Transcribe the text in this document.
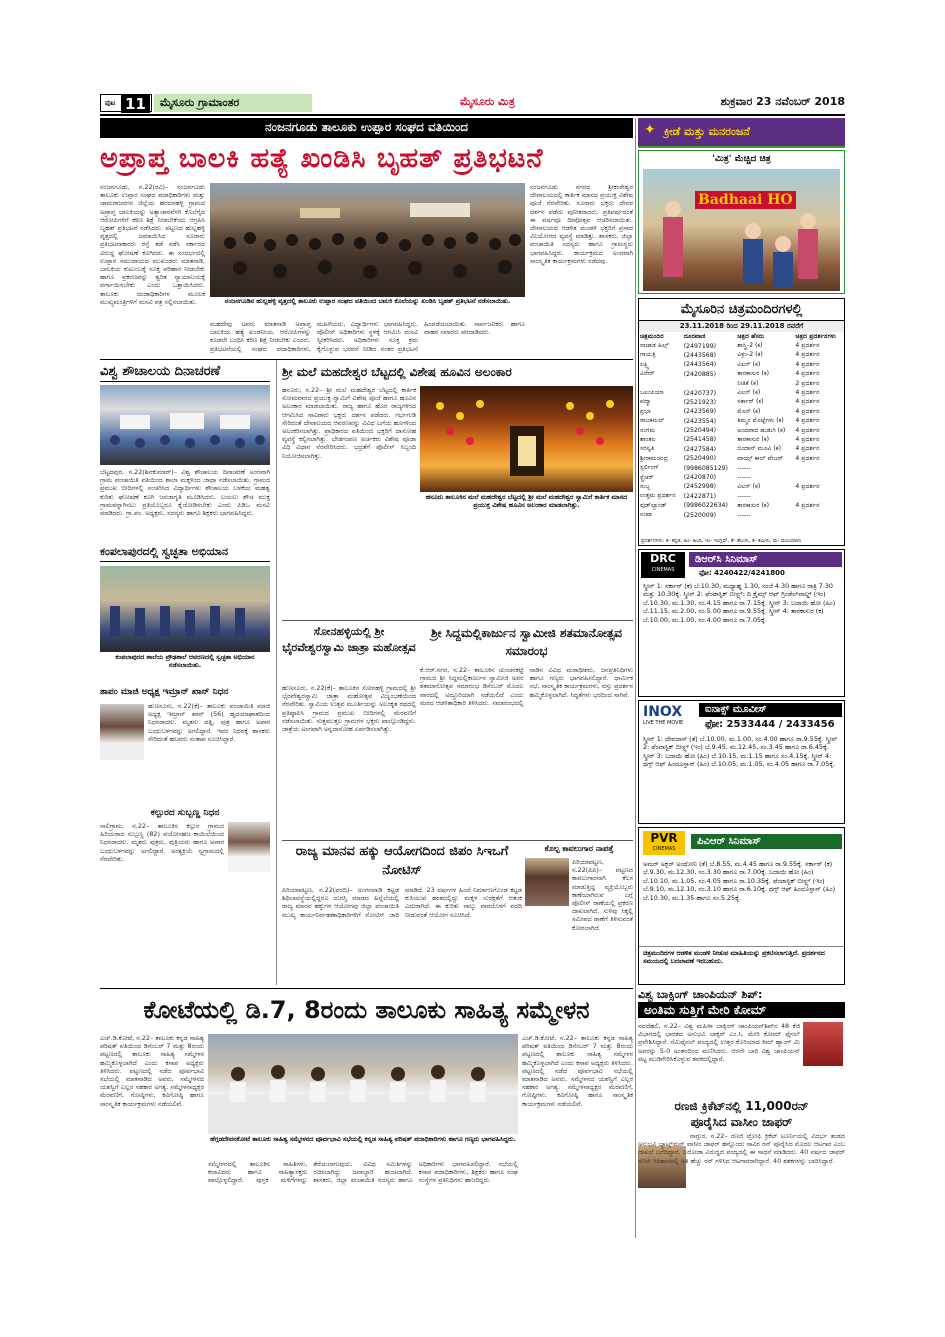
ಪುಟ 11	ಮೈಸೂರು ಗ್ರಾಮಾಂತರ	ಮೈಸೂರು ಮಿತ್ರ	ಶುಕ್ರವಾರ 23 ನವೆಂಬರ್ 2018
ನಂಜನಗೂಡು ತಾಲೂಕು ಉಪ್ಪಾರ ಸಂಘದ ವತಿಯಿಂದ
ಅಪ್ರಾಪ್ತ ಬಾಲಕಿ ಹತ್ಯೆ ಖಂಡಿಸಿ ಬೃಹತ್ ಪ್ರತಿಭಟನೆ

ನಂಜನಗೂಡು, ನ.22(ರವಿ)– ನಂಜನಗೂಡು ತಾಲೂಕು ಉಪ್ಪಾರ ಸಂಘದ ಪದಾಧಿಕಾರಿಗಳು ಮತ್ತು ಚಾಮರಾಜನಗರ ಜಿಲ್ಲೆಯ ಹರದನಹಳ್ಳಿ ಗ್ರಾಮದ ಅಪ್ರಾಪ್ತ ಬಾಲಕಿಯನ್ನು ಅತ್ಯಾಚಾರವೆಸಗಿ ಕೊಲೆಗೈದ ಆರೋಪಿಗಳಿಗೆ ಕಠಿಣ ಶಿಕ್ಷೆ ನೀಡಬೇಕೆಂದು ಆಗ್ರಹಿಸಿ ಬೃಹತ್ ಪ್ರತಿಭಟನೆ ನಡೆಸಿದರು. ಪಟ್ಟಣದ ಹುಲ್ಲಹಳ್ಳಿ ವೃತ್ತದಲ್ಲಿ ಜಮಾಯಿಸಿದ ನೂರಾರು ಪ್ರತಿಭಟನಾಕಾರರು ರಸ್ತೆ ತಡೆ ನಡೆಸಿ ಸರ್ಕಾರದ ವಿರುದ್ಧ ಘೋಷಣೆ ಕೂಗಿದರು. ಈ ಸಂದರ್ಭದಲ್ಲಿ ಉಪ್ಪಾರ ಸಮುದಾಯದ ಮುಖಂಡರು ಮಾತನಾಡಿ, ಬಾಲಕಿಯ ಕುಟುಂಬಕ್ಕೆ ಸೂಕ್ತ ಪರಿಹಾರ ನೀಡಬೇಕು ಹಾಗೂ ಪ್ರಕರಣವನ್ನು ತ್ವರಿತ ನ್ಯಾಯಾಲಯಕ್ಕೆ ವರ್ಗಾಯಿಸಬೇಕು ಎಂದು ಒತ್ತಾಯಿಸಿದರು. ತಾಲೂಕು ದಂಡಾಧಿಕಾರಿಗಳ ಮೂಲಕ ಮುಖ್ಯಮಂತ್ರಿಗಳಿಗೆ ಮನವಿ ಪತ್ರ ಸಲ್ಲಿಸಲಾಯಿತು.	ನಂಜನಗೂಡಿನ ಹುಲ್ಲಹಳ್ಳಿ ವೃತ್ತದಲ್ಲಿ ತಾಲೂಕು ಉಪ್ಪಾರ ಸಂಘದ ವತಿಯಿಂದ ಬಾಲಕಿ ಕೊಲೆಯನ್ನು ಖಂಡಿಸಿ ಬೃಹತ್ ಪ್ರತಿಭಟನೆ ನಡೆಸಲಾಯಿತು.

ಮಹದೇವು ಅವರು ಮಾತನಾಡಿ ಅಪ್ರಾಪ್ತ ಬಾಲಕಿಯ ಹತ್ಯೆ ಖಂಡನೀಯ. ಆರೋಪಿಗಳನ್ನು ಕೂಡಲೇ ಬಂಧಿಸಿ ಕಠಿಣ ಶಿಕ್ಷೆ ನೀಡಬೇಕು ಎಂದರು. ಪ್ರತಿಭಟನೆಯಲ್ಲಿ ಸಂಘದ ಪದಾಧಿಕಾರಿಗಳು, ಮಹಿಳೆಯರು, ವಿದ್ಯಾರ್ಥಿಗಳು ಭಾಗವಹಿಸಿದ್ದರು. ಪೊಲೀಸ್ ಅಧಿಕಾರಿಗಳು ಸ್ಥಳಕ್ಕೆ ಆಗಮಿಸಿ ಮನವಿ ಸ್ವೀಕರಿಸಿದರು. ಅಧಿಕಾರಿಗಳು ಸೂಕ್ತ ಕ್ರಮ ಕೈಗೊಳ್ಳುವ ಭರವಸೆ ನೀಡಿದ ನಂತರ ಪ್ರತಿಭಟನೆ ಹಿಂಪಡೆಯಲಾಯಿತು. ಸಾರ್ವಜನಿಕರು ಹಾಗೂ ವಾಹನ ಸವಾರರು ಪರದಾಡಿದರು.

ನಂಜನಗೂಡು ನಗರದ ಶ್ರೀಕಂಠೇಶ್ವರ ದೇವಾಲಯದಲ್ಲಿ ಕಾರ್ತಿಕ ಮಾಸದ ಪ್ರಯುಕ್ತ ವಿಶೇಷ ಪೂಜೆ ನೆರವೇರಿತು. ನೂರಾರು ಭಕ್ತರು ದೇವರ ದರ್ಶನ ಪಡೆದು ಪುನೀತರಾದರು. ಪ್ರತಿವರ್ಷದಂತೆ ಈ ವರ್ಷವೂ ದೀಪೋತ್ಸವ ಆಚರಿಸಲಾಯಿತು. ದೇವಾಲಯದ ಆಡಳಿತ ಮಂಡಳಿ ಭಕ್ತರಿಗೆ ಪ್ರಸಾದ ವಿನಿಯೋಗದ ವ್ಯವಸ್ಥೆ ಮಾಡಿತ್ತು. ಶಾಸಕರು, ಜಿಲ್ಲಾ ಪಂಚಾಯಿತಿ ಸದಸ್ಯರು ಹಾಗೂ ಗ್ರಾಮಸ್ಥರು ಭಾಗವಹಿಸಿದ್ದರು. ಕಾರ್ಯಕ್ರಮದ ಅಂಗವಾಗಿ ಸಾಂಸ್ಕೃತಿಕ ಕಾರ್ಯಕ್ರಮಗಳು ನಡೆದವು.

✦ ಕ್ರೀಡೆ ಮತ್ತು ಮನರಂಜನೆ
'ಮಿತ್ರ' ಮೆಚ್ಚಿದ ಚಿತ್ರ
Badhaai HO
ಮೈಸೂರಿನ ಚಿತ್ರಮಂದಿರಗಳಲ್ಲಿ
23.11.2018 ರಿಂದ 29.11.2018 ರವರೆಗೆ
ಚಿತ್ರಮಂದಿರ	ದೂರವಾಣಿ	ಚಿತ್ರದ ಹೆಸರು	ಚಿತ್ರದ ಪ್ರದರ್ಶನಗಳು
ನಾಜಾಡ ಹಿಲ್ಸ್	(2497199)	ಶಾಸ್ತ್ರಿ-2 (ಕ)	4 ಪ್ರದರ್ಶನ
ಗಾಯತ್ರಿ	(2443568)	ವಿಕ್ರಂ-2 (ಕ)	4 ಪ್ರದರ್ಶನ
ಲಕ್ಷ್ಮಿ	(2443564)	ವಿಲನ್ (ಕ)	4 ಪ್ರದರ್ಶನ
ವಿರೇರ್	(2420885)	ತಾರಕಾಸುರ (ಕ)	4 ಪ್ರದರ್ಶನ
		ನೀತಿಕೆ (ಕ)	2 ಪ್ರದರ್ಶನ
ಒಲಂಪಿಯಾ	(2420737)	ವಿಲನ್ (ಕ)	4 ಪ್ರದರ್ಶನ
ಪದ್ಮಾ	(2521923)	ಸರ್ಕಾರ್ (ಕ)	4 ಪ್ರದರ್ಶನ
ಪ್ರಭಾ	(2423569)	ಮೊನ್ (ಕ)	4 ಪ್ರದರ್ಶನ
ರಾಜಕಮಲ್	(2423554)	ತಿಮ್ಮನ ಮೊಟ್ಟೆಗಳು (ಕ)	4 ಪ್ರದರ್ಶನ
ಸಂಗಮ	(2520494)	ಅಂದವಾದ ಹುಡುಗಿ (ಕ)	4 ಪ್ರದರ್ಶನ
ಶಾಂತಲ	(2541458)	ತಾರಕಾಸುರ (ಕ)	4 ಪ್ರದರ್ಶನ
ಸರಸ್ವತಿ	(2427584)	ಬಿಂದಾಸ್ ಮೂವಿ (ಕ)	4 ಪ್ರದರ್ಶನ
ಶ್ರೀರಾಮಚಂದ್ರ	(2520490)	ವಾಯ್ಸ್ ಕಾಲ್ ಪೇಜರ್	4 ಪ್ರದರ್ಶನ
ಸ್ಟರ್ಲಿಂಗ್	(9986085129)	------	
ಸ್ಟ್ರೆಚರ್	(2420870)	------	
ಸುಬ್ಬ	(2452998)	ವಿಲನ್ (ಕ)	4 ಪ್ರದರ್ಶನ
ಉತ್ತಮ ಪ್ರದರ್ಶನ	(2422871)	------	
ವುಡ್‌ಲ್ಯಾಂಡ್	(9986022634)	ತಾರಕಾಸುರ (ಕ)	4 ಪ್ರದರ್ಶನ
ಉಷಾ	(2520009)	------	
ಪ್ರದರ್ಶನಗಳು: ಕ- ಕನ್ನಡ, ಹಿಂ- ಹಿಂದಿ, ಇಂ- ಇಂಗ್ಲಿಷ್, ತೆ- ತೆಲುಗು, ತ- ತಮಿಳು, ಮ- ಮಲಯಾಳಂ
DRC
CINEMAS
ಡಿಆರ್‌ಸಿ ಸಿನಿಮಾಸ್
ಫೋ: 4240422/4241800
ಸ್ಕ್ರೀನ್ 1: ಸರ್ಕಾರ್ (ಕ) ಬೆ.10.30, ಮಧ್ಯಾಹ್ನ 1.30, ಸಂಜೆ 4.30 ಹಾಗೂ ರಾತ್ರಿ 7.30 ಮತ್ತು 10.30ಕ್ಕೆ. ಸ್ಕ್ರೀನ್ 2: ಫೆಂಟಾಸ್ಟಿಕ್ ಬೀಸ್ಟ್ಸ್: ದಿ ಕ್ರೈಮ್ಸ್ ಆಫ್ ಗ್ರಿಂಡೆಲ್‌ವಾಲ್ಡ್ (ಇಂ) ಬೆ.10.30, ಮ.1.30, ಸಂ.4.15 ಹಾಗೂ ರಾ.7.15ಕ್ಕೆ. ಸ್ಕ್ರೀನ್ 3: ಬದಾಯಿ ಹೋ (ಹಿಂ) ಬೆ.11.15, ಮ.2.00, ಸಂ.5.00 ಹಾಗೂ ರಾ.9.55ಕ್ಕೆ. ಸ್ಕ್ರೀನ್ 4: ತಾರಕಾಸುರ (ಕ) ಬೆ.10.00, ಮ.1.00, ಸಂ.4.00 ಹಾಗೂ ರಾ.7.05ಕ್ಕೆ.
INOX
LIVE THE MOVIE
ಐನಾಕ್ಸ್ ಮೂವೀಸ್
ಫೋ: 2533444 / 2433456
ಸ್ಕ್ರೀನ್ 1: ದೇವದಾಸ್ (ತೆ) ಬೆ.10.00, ಮ.1.00, ಸಂ.4.00 ಹಾಗೂ ರಾ.9.55ಕ್ಕೆ. ಸ್ಕ್ರೀನ್ 2: ಫೆಂಟಾಸ್ಟಿಕ್ ಬೀಸ್ಟ್ಸ್ (ಇಂ) ಬೆ.9.45, ಮ.12.45, ಸಂ.3.45 ಹಾಗೂ ರಾ.6.45ಕ್ಕೆ. ಸ್ಕ್ರೀನ್ 3: ಬದಾಯಿ ಹೋ (ಹಿಂ) ಬೆ.10.15, ಮ.1.15 ಹಾಗೂ ಸಂ.4.15ಕ್ಕೆ. ಸ್ಕ್ರೀನ್ 4: ಥಗ್ಸ್ ಆಫ್ ಹಿಂದೂಸ್ತಾನ್ (ಹಿಂ) ಬೆ.10.05, ಮ.1.05, ಸಂ.4.05 ಹಾಗೂ ರಾ.7.05ಕ್ಕೆ.
PVR
CINEMAS
ಪಿವಿಆರ್ ಸಿನಿಮಾಸ್
ಅಮರ್ ಅಕ್ಬರ್ ಅಂಥೋನಿ (ತೆ) ಬೆ.8.55, ಮ.4.45 ಹಾಗೂ ರಾ.9.55ಕ್ಕೆ. ಸರ್ಕಾರ್ (ಕ) ಬೆ.9.30, ಮ.12.30, ಸಂ.3.30 ಹಾಗೂ ರಾ.7.00ಕ್ಕೆ. ಬದಾಯಿ ಹೋ (ಹಿಂ) ಬೆ.10.10, ಮ.1.05, ಸಂ.4.05 ಹಾಗೂ ರಾ.10.35ಕ್ಕೆ. ಫೆಂಟಾಸ್ಟಿಕ್ ಬೀಸ್ಟ್ಸ್ (ಇಂ) ಬೆ.9.10, ಮ.12.10, ಸಂ.3.10 ಹಾಗೂ ರಾ.6.10ಕ್ಕೆ. ಥಗ್ಸ್ ಆಫ್ ಹಿಂದೂಸ್ತಾನ್ (ಹಿಂ) ಬೆ.10.30, ಮ.1.35 ಹಾಗೂ ಸಂ.5.25ಕ್ಕೆ.
ಚಿತ್ರಮಂದಿರಗಳ ಆಡಳಿತ ಮಂಡಳಿ ನೀಡುವ ಮಾಹಿತಿಯನ್ನು ಪ್ರಕಟಿಸಲಾಗುತ್ತಿದೆ. ಪ್ರದರ್ಶನದ ಸಮಯದಲ್ಲಿ ಬದಲಾವಣೆ ಇರಬಹುದು.
ವಿಶ್ವ ಬಾಕ್ಸಿಂಗ್ ಚಾಂಪಿಯನ್ ಶಿಪ್:
ಅಂತಿಮ ಸುತ್ತಿಗೆ ಮೇರಿ ಕೋಮ್
ನವದೆಹಲಿ, ನ.22– ವಿಶ್ವ ಮಹಿಳಾ ಬಾಕ್ಸಿಂಗ್ ಚಾಂಪಿಯನ್‌ಶಿಪ್‌ನ 48 ಕೆಜಿ ವಿಭಾಗದಲ್ಲಿ ಭಾರತದ ಅನುಭವಿ ಬಾಕ್ಸರ್ ಎಂ.ಸಿ. ಮೇರಿ ಕೋಮ್ ಫೈನಲ್ ಪ್ರವೇಶಿಸಿದ್ದಾರೆ. ಸೆಮಿಫೈನಲ್ ಪಂದ್ಯದಲ್ಲಿ ಉತ್ತರ ಕೊರಿಯಾದ ಕಿಮ್ ಹ್ಯಾಂಗ್ ಮಿ ಅವರನ್ನು 5-0 ಅಂತರದಿಂದ ಮಣಿಸಿದರು. ಆರನೇ ಬಾರಿ ವಿಶ್ವ ಚಾಂಪಿಯನ್ ಪಟ್ಟ ಮುಡಿಗೇರಿಸಿಕೊಳ್ಳುವ ತವಕದಲ್ಲಿದ್ದಾರೆ.
ರಣಜಿ ಕ್ರಿಕೆಟ್‌ನಲ್ಲಿ 11,000ರನ್
ಪೂರೈಸಿದ ವಾಸೀಂ ಜಾಫರ್
ನಾಗ್ಪುರ, ನ.22– ರಣಜಿ ಟ್ರೋಫಿ ಕ್ರಿಕೆಟ್ ಟೂರ್ನಿಯಲ್ಲಿ ವಿದರ್ಭ ತಂಡದ ಅನುಭವಿ ಬ್ಯಾಟ್ಸ್‌ಮನ್ ವಾಸೀಂ ಜಾಫರ್ ಹನ್ನೊಂದು ಸಾವಿರ ರನ್ ಪೂರೈಸಿದ ಮೊದಲ ಆಟಗಾರ ಎಂಬ ದಾಖಲೆ ಬರೆದಿದ್ದಾರೆ. ಬರೋಡಾ ವಿರುದ್ಧದ ಪಂದ್ಯದಲ್ಲಿ ಈ ಸಾಧನೆ ಮಾಡಿದರು. 40 ವರ್ಷದ ಜಾಫರ್ ರಣಜಿ ಇತಿಹಾಸದಲ್ಲಿ ಅತಿ ಹೆಚ್ಚು ರನ್ ಗಳಿಸಿದ ಆಟಗಾರರಾಗಿದ್ದಾರೆ. 40 ಶತಕಗಳನ್ನು ಬಾರಿಸಿದ್ದಾರೆ.
ವಿಶ್ವ ಶೌಚಾಲಯ ದಿನಾಚರಣೆ

ಬೆಟ್ಟದಪುರ, ನ.22(ಶಿವಕುಮಾರ್)– ವಿಶ್ವ ಶೌಚಾಲಯ ದಿನಾಚರಣೆ ಅಂಗವಾಗಿ ಗ್ರಾಮ ಪಂಚಾಯಿತಿ ವತಿಯಿಂದ ಶಾಲಾ ಮಕ್ಕಳಿಂದ ಜಾಥಾ ನಡೆಸಲಾಯಿತು. ಗ್ರಾಮದ ಪ್ರಮುಖ ಬೀದಿಗಳಲ್ಲಿ ಸಂಚರಿಸಿದ ವಿದ್ಯಾರ್ಥಿಗಳು ಶೌಚಾಲಯ ಬಳಕೆಯ ಮಹತ್ವ ಕುರಿತು ಘೋಷಣೆ ಕೂಗಿ ಜನಜಾಗೃತಿ ಮೂಡಿಸಿದರು. ಬಯಲು ಶೌಚ ಮುಕ್ತ ಗ್ರಾಮವನ್ನಾಗಿಸಲು ಪ್ರತಿಯೊಬ್ಬರೂ ಕೈಜೋಡಿಸಬೇಕು ಎಂದು ಪಿಡಿಒ ಮನವಿ ಮಾಡಿದರು. ಗ್ರಾ.ಪಂ. ಅಧ್ಯಕ್ಷರು, ಸದಸ್ಯರು ಹಾಗೂ ಶಿಕ್ಷಕರು ಭಾಗವಹಿಸಿದ್ದರು.

ಕಂಪಲಾಪುರದಲ್ಲಿ ಸ್ವಚ್ಛತಾ ಅಭಿಯಾನ
ಕಂಪಲಾಪುರದ ಶಾಲೆಯ ಪ್ರೌಢಶಾಲೆ ಆವರಣದಲ್ಲಿ ಸ್ವಚ್ಛತಾ ಅಭಿಯಾನ ನಡೆಸಲಾಯಿತು.
ತಾಪಂ ಮಾಜಿ ಅಧ್ಯಕ್ಷ ಇಮ್ರಾನ್ ಖಾನ್ ನಿಧನ

ಹುಣಸೂರು, ನ.22(ಕೆ)– ತಾಲೂಕು ಪಂಚಾಯಿತಿ ಮಾಜಿ ಅಧ್ಯಕ್ಷ ಇಮ್ರಾನ್ ಖಾನ್ (56) ಹೃದಯಾಘಾತದಿಂದ ನಿಧನರಾದರು. ಮೃತರು ಪತ್ನಿ, ಪುತ್ರ ಹಾಗೂ ಅಪಾರ ಬಂಧುಬಳಗವನ್ನು ಅಗಲಿದ್ದಾರೆ. ಇವರ ನಿಧನಕ್ಕೆ ಶಾಸಕರು ಸೇರಿದಂತೆ ಹಲವರು ಸಂತಾಪ ಸೂಚಿಸಿದ್ದಾರೆ.

ಕಲ್ಪುರದ ಸುಬ್ಬಣ್ಣ ನಿಧನ

ಸಾಲಿಗ್ರಾಮ, ನ.22– ತಾಲೂಕಿನ ಕಲ್ಪುರ ಗ್ರಾಮದ ಹಿರಿಯರಾದ ಸುಬ್ಬಣ್ಣ (82) ವಯೋಸಹಜ ಕಾಯಿಲೆಯಿಂದ ನಿಧನರಾದರು. ಮೃತರು ಪುತ್ರರು, ಪುತ್ರಿಯರು ಹಾಗೂ ಅಪಾರ ಬಂಧುಬಳಗವನ್ನು ಅಗಲಿದ್ದಾರೆ. ಅಂತ್ಯಕ್ರಿಯೆ ಸ್ವಗ್ರಾಮದಲ್ಲಿ ನೆರವೇರಿತು.

ಶ್ರೀ ಮಲೆ ಮಹದೇಶ್ವರ ಬೆಟ್ಟದಲ್ಲಿ ವಿಶೇಷ ಹೂವಿನ ಅಲಂಕಾರ

ಹನೂರು, ನ.22– ಶ್ರೀ ಮಲೆ ಮಹದೇಶ್ವರ ಬೆಟ್ಟದಲ್ಲಿ ಕಾರ್ತಿಕ ಸೋಮವಾರದ ಪ್ರಯುಕ್ತ ಸ್ವಾಮಿಗೆ ವಿಶೇಷ ಪೂಜೆ ಹಾಗೂ ಹೂವಿನ ಅಲಂಕಾರ ಮಾಡಲಾಯಿತು. ರಾಜ್ಯ ಹಾಗೂ ಹೊರ ರಾಜ್ಯಗಳಿಂದ ಆಗಮಿಸಿದ ಸಾವಿರಾರು ಭಕ್ತರು ದರ್ಶನ ಪಡೆದರು. ಗರ್ಭಗುಡಿ ಸೇರಿದಂತೆ ದೇವಾಲಯದ ಆವರಣವನ್ನು ವಿವಿಧ ಬಗೆಯ ಹೂಗಳಿಂದ ಅಲಂಕರಿಸಲಾಗಿತ್ತು. ಪ್ರಾಧಿಕಾರದ ವತಿಯಿಂದ ಭಕ್ತರಿಗೆ ದಾಸೋಹ ವ್ಯವಸ್ಥೆ ಕಲ್ಪಿಸಲಾಗಿತ್ತು. ಬೇಡಗಂಪಣ ಅರ್ಚಕರು ವಿಶೇಷ ಪೂಜಾ ವಿಧಿ ವಿಧಾನ ನೆರವೇರಿಸಿದರು. ಭದ್ರತೆಗೆ ಪೊಲೀಸ್ ಸಿಬ್ಬಂದಿ ನಿಯೋಜಿಸಲಾಗಿತ್ತು.

ಹನೂರು ತಾಲೂಕಿನ ಮಲೆ ಮಹದೇಶ್ವರ ಬೆಟ್ಟದಲ್ಲಿ ಶ್ರೀ ಮಲೆ ಮಹದೇಶ್ವರ ಸ್ವಾಮಿಗೆ ಕಾರ್ತಿಕ ಮಾಸದ ಪ್ರಯುಕ್ತ ವಿಶೇಷ ಹೂವಿನ ಅಲಂಕಾರ ಮಾಡಲಾಗಿತ್ತು.
ಸೋನಹಳ್ಳಿಯಲ್ಲಿ ಶ್ರೀ ಭೈರವೇಶ್ವರಸ್ವಾಮಿ ಜಾತ್ರಾ ಮಹೋತ್ಸವ

ಹುಣಸೂರು, ನ.22(ಕೆ)– ತಾಲೂಕಿನ ಸೋನಹಳ್ಳಿ ಗ್ರಾಮದಲ್ಲಿ ಶ್ರೀ ಭೈರವೇಶ್ವರಸ್ವಾಮಿ ಜಾತ್ರಾ ಮಹೋತ್ಸವ ವಿಜೃಂಭಣೆಯಿಂದ ನೆರವೇರಿತು. ಸ್ವಾಮಿಯ ಉತ್ಸವ ಮೂರ್ತಿಯನ್ನು ಅಲಂಕೃತ ರಥದಲ್ಲಿ ಪ್ರತಿಷ್ಠಾಪಿಸಿ ಗ್ರಾಮದ ಪ್ರಮುಖ ಬೀದಿಗಳಲ್ಲಿ ಮೆರವಣಿಗೆ ನಡೆಸಲಾಯಿತು. ಸುತ್ತಮುತ್ತಲ ಗ್ರಾಮಗಳ ಭಕ್ತರು ಪಾಲ್ಗೊಂಡಿದ್ದರು. ಜಾತ್ರೆಯ ಅಂಗವಾಗಿ ಅನ್ನದಾಸೋಹ ಏರ್ಪಡಿಸಲಾಗಿತ್ತು.

ಶ್ರೀ ಸಿದ್ದಮಲ್ಲಿಕಾರ್ಜುನ ಸ್ವಾಮೀಜಿ ಶತಮಾನೋತ್ಸವ ಸಮಾರಂಭ

ಕೆ.ಆರ್.ನಗರ, ನ.22– ತಾಲೂಕಿನ ಚುಂಚನಕಟ್ಟೆ ಗ್ರಾಮದ ಶ್ರೀ ಸಿದ್ದಮಲ್ಲಿಕಾರ್ಜುನ ಸ್ವಾಮೀಜಿ ಅವರ ಶತಮಾನೋತ್ಸವ ಸಮಾರಂಭ ಡಿಸೆಂಬರ್ ಮೊದಲ ವಾರದಲ್ಲಿ ಅದ್ದೂರಿಯಾಗಿ ನಡೆಯಲಿದೆ ಎಂದು ಮಠದ ಆಡಳಿತಾಧಿಕಾರಿ ತಿಳಿಸಿದರು. ಸಮಾರಂಭದಲ್ಲಿ ನಾಡಿನ ವಿವಿಧ ಮಠಾಧೀಶರು, ಜನಪ್ರತಿನಿಧಿಗಳು ಹಾಗೂ ಗಣ್ಯರು ಭಾಗವಹಿಸಲಿದ್ದಾರೆ. ಧಾರ್ಮಿಕ ಸಭೆ, ಸಾಂಸ್ಕೃತಿಕ ಕಾರ್ಯಕ್ರಮಗಳು, ವಸ್ತು ಪ್ರದರ್ಶನ ಹಮ್ಮಿಕೊಳ್ಳಲಾಗಿದೆ. ಸಿದ್ಧತೆಗಳು ಭರದಿಂದ ಸಾಗಿವೆ.

ರಾಜ್ಯ ಮಾನವ ಹಕ್ಕು ಆಯೋಗದಿಂದ ಜಿಪಂ ಸಿಇಒಗೆ ನೋಟಿಸ್

ಪಿರಿಯಾಪಟ್ಟಣ, ನ.22(ವರದಿ)– ಅಂಗನವಾಡಿ ಕಟ್ಟಡ ಶಿಥಿಲಾವಸ್ಥೆಯಲ್ಲಿದ್ದರೂ ದುರಸ್ತಿ ಮಾಡದ ಹಿನ್ನೆಲೆಯಲ್ಲಿ ರಾಜ್ಯ ಮಾನವ ಹಕ್ಕುಗಳ ಆಯೋಗವು ಜಿಲ್ಲಾ ಪಂಚಾಯಿತಿ ಮುಖ್ಯ ಕಾರ್ಯನಿರ್ವಹಣಾಧಿಕಾರಿಗಳಿಗೆ ನೋಟಿಸ್ ಜಾರಿ ಮಾಡಿದೆ. 23 ವರ್ಷಗಳ ಹಿಂದೆ ನಿರ್ಮಾಣಗೊಂಡ ಕಟ್ಟಡ ಕುಸಿಯುವ ಹಂತದಲ್ಲಿದ್ದು ಮಕ್ಕಳ ಸುರಕ್ಷತೆಗೆ ಆತಂಕ ಎದುರಾಗಿದೆ. ಈ ಕುರಿತು ನಾಲ್ಕು ವಾರದೊಳಗೆ ವರದಿ ನೀಡುವಂತೆ ಆಯೋಗ ಸೂಚಿಸಿದೆ.

ಕೊಲ್ಪ ಕಾವಲುಗಾರ ನಾಪತ್ತೆ

ಪಿರಿಯಾಪಟ್ಟಣ, ನ.22(ಪಿಪಿ)– ಪಟ್ಟಣದ ಕಾವಲುಗಾರನಾಗಿ ಕೆಲಸ ಮಾಡುತ್ತಿದ್ದ ವ್ಯಕ್ತಿಯೊಬ್ಬರು ಕಾಣೆಯಾಗಿರುವ ಬಗ್ಗೆ ಪೊಲೀಸ್ ಠಾಣೆಯಲ್ಲಿ ಪ್ರಕರಣ ದಾಖಲಾಗಿದೆ. ಸುಳಿವು ಸಿಕ್ಕಲ್ಲಿ ಸಮೀಪದ ಠಾಣೆಗೆ ತಿಳಿಸುವಂತೆ ಕೋರಲಾಗಿದೆ.

ಕೋಟೆಯಲ್ಲಿ ಡಿ.7, 8ರಂದು ತಾಲೂಕು ಸಾಹಿತ್ಯ ಸಮ್ಮೇಳನ

ಎಚ್.ಡಿ.ಕೋಟೆ, ನ.22– ತಾಲೂಕು ಕನ್ನಡ ಸಾಹಿತ್ಯ ಪರಿಷತ್ ವತಿಯಿಂದ ಡಿಸೆಂಬರ್ 7 ಮತ್ತು 8ರಂದು ಪಟ್ಟಣದಲ್ಲಿ ತಾಲೂಕು ಸಾಹಿತ್ಯ ಸಮ್ಮೇಳನ ಹಮ್ಮಿಕೊಳ್ಳಲಾಗಿದೆ ಎಂದು ಕಸಾಪ ಅಧ್ಯಕ್ಷರು ತಿಳಿಸಿದರು. ಪಟ್ಟಣದಲ್ಲಿ ನಡೆದ ಪೂರ್ವಭಾವಿ ಸಭೆಯಲ್ಲಿ ಮಾತನಾಡಿದ ಅವರು, ಸಮ್ಮೇಳನದ ಯಶಸ್ವಿಗೆ ಎಲ್ಲರ ಸಹಕಾರ ಅಗತ್ಯ. ಸಮ್ಮೇಳನಾಧ್ಯಕ್ಷರ ಮೆರವಣಿಗೆ, ಗೋಷ್ಠಿಗಳು, ಕವಿಗೋಷ್ಠಿ ಹಾಗೂ ಸಾಂಸ್ಕೃತಿಕ ಕಾರ್ಯಕ್ರಮಗಳು ನಡೆಯಲಿವೆ.

ಹೆಗ್ಗಡದೇವನಕೋಟೆ ತಾಲೂಕು ಸಾಹಿತ್ಯ ಸಮ್ಮೇಳನದ ಪೂರ್ವಭಾವಿ ಸಭೆಯಲ್ಲಿ ಕನ್ನಡ ಸಾಹಿತ್ಯ ಪರಿಷತ್ ಪದಾಧಿಕಾರಿಗಳು ಹಾಗೂ ಗಣ್ಯರು ಭಾಗವಹಿಸಿದ್ದರು.

ಸಮ್ಮೇಳನದಲ್ಲಿ ತಾಲೂಕಿನ ಸಾಹಿತಿಗಳು, ಕಲಾವಿದರು ಹಾಗೂ ಸಾಹಿತ್ಯಾಸಕ್ತರು ಪಾಲ್ಗೊಳ್ಳಲಿದ್ದಾರೆ. ಪುಸ್ತಕ ಮಳಿಗೆಗಳನ್ನು ತೆರೆಯಲಾಗುವುದು. ವಿವಿಧ ಸಮಿತಿಗಳನ್ನು ರಚಿಸಲಾಗಿದ್ದು ಜವಾಬ್ದಾರಿ ಹಂಚಲಾಗಿದೆ. ಶಾಸಕರು, ಜಿಲ್ಲಾ ಪಂಚಾಯಿತಿ ಸದಸ್ಯರು ಹಾಗೂ ಅಧಿಕಾರಿಗಳು ಭಾಗವಹಿಸಲಿದ್ದಾರೆ. ಸಭೆಯಲ್ಲಿ ಕಸಾಪ ಪದಾಧಿಕಾರಿಗಳು, ಶಿಕ್ಷಕರು ಹಾಗೂ ಸಂಘ ಸಂಸ್ಥೆಗಳ ಪ್ರತಿನಿಧಿಗಳು ಹಾಜರಿದ್ದರು.

ಎಚ್.ಡಿ.ಕೋಟೆ, ನ.22– ತಾಲೂಕು ಕನ್ನಡ ಸಾಹಿತ್ಯ ಪರಿಷತ್ ವತಿಯಿಂದ ಡಿಸೆಂಬರ್ 7 ಮತ್ತು 8ರಂದು ಪಟ್ಟಣದಲ್ಲಿ ತಾಲೂಕು ಸಾಹಿತ್ಯ ಸಮ್ಮೇಳನ ಹಮ್ಮಿಕೊಳ್ಳಲಾಗಿದೆ ಎಂದು ಕಸಾಪ ಅಧ್ಯಕ್ಷರು ತಿಳಿಸಿದರು. ಪಟ್ಟಣದಲ್ಲಿ ನಡೆದ ಪೂರ್ವಭಾವಿ ಸಭೆಯಲ್ಲಿ ಮಾತನಾಡಿದ ಅವರು, ಸಮ್ಮೇಳನದ ಯಶಸ್ವಿಗೆ ಎಲ್ಲರ ಸಹಕಾರ ಅಗತ್ಯ. ಸಮ್ಮೇಳನಾಧ್ಯಕ್ಷರ ಮೆರವಣಿಗೆ, ಗೋಷ್ಠಿಗಳು, ಕವಿಗೋಷ್ಠಿ ಹಾಗೂ ಸಾಂಸ್ಕೃತಿಕ ಕಾರ್ಯಕ್ರಮಗಳು ನಡೆಯಲಿವೆ.
